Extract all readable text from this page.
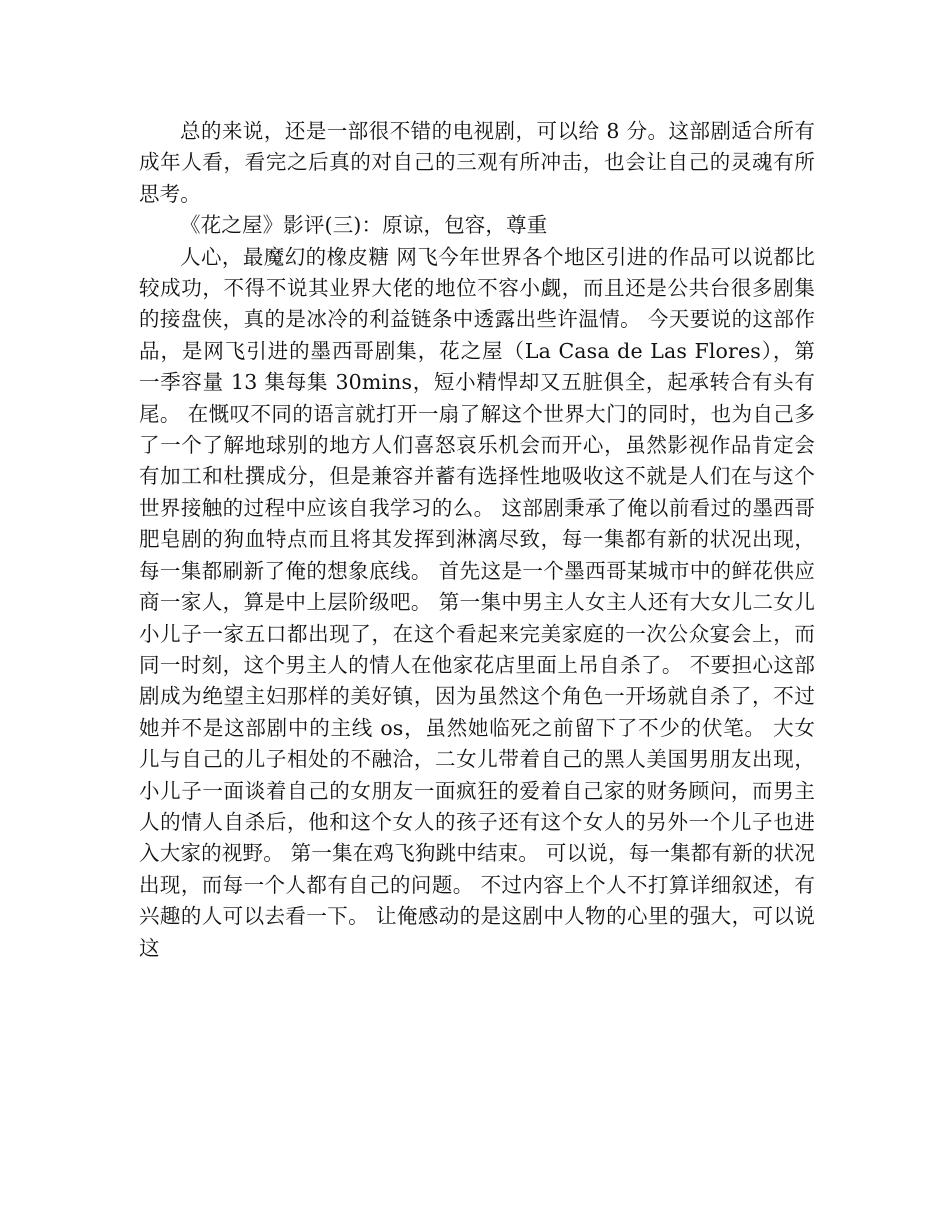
总的来说，还是一部很不错的电视剧，可以给 8 分。这部剧适合所有成年人看，看完之后真的对自己的三观有所冲击，也会让自己的灵魂有所思考。

《花之屋》影评(三)：原谅，包容，尊重

人心，最魔幻的橡皮糖 网飞今年世界各个地区引进的作品可以说都比较成功，不得不说其业界大佬的地位不容小觑，而且还是公共台很多剧集的接盘侠，真的是冰冷的利益链条中透露出些许温情。 今天要说的这部作品，是网飞引进的墨西哥剧集，花之屋（La Casa de Las Flores），第一季容量 13 集每集 30mins，短小精悍却又五脏俱全，起承转合有头有尾。 在慨叹不同的语言就打开一扇了解这个世界大门的同时，也为自己多了一个了解地球别的地方人们喜怒哀乐机会而开心，虽然影视作品肯定会有加工和杜撰成分，但是兼容并蓄有选择性地吸收这不就是人们在与这个世界接触的过程中应该自我学习的么。 这部剧秉承了俺以前看过的墨西哥肥皂剧的狗血特点而且将其发挥到淋漓尽致，每一集都有新的状况出现，每一集都刷新了俺的想象底线。 首先这是一个墨西哥某城市中的鲜花供应商一家人，算是中上层阶级吧。 第一集中男主人女主人还有大女儿二女儿小儿子一家五口都出现了，在这个看起来完美家庭的一次公众宴会上，而同一时刻，这个男主人的情人在他家花店里面上吊自杀了。 不要担心这部剧成为绝望主妇那样的美好镇，因为虽然这个角色一开场就自杀了，不过她并不是这部剧中的主线 os，虽然她临死之前留下了不少的伏笔。 大女儿与自己的儿子相处的不融洽，二女儿带着自己的黑人美国男朋友出现，小儿子一面谈着自己的女朋友一面疯狂的爱着自己家的财务顾问，而男主人的情人自杀后，他和这个女人的孩子还有这个女人的另外一个儿子也进入大家的视野。 第一集在鸡飞狗跳中结束。 可以说，每一集都有新的状况出现，而每一个人都有自己的问题。 不过内容上个人不打算详细叙述，有兴趣的人可以去看一下。 让俺感动的是这剧中人物的心里的强大，可以说这
